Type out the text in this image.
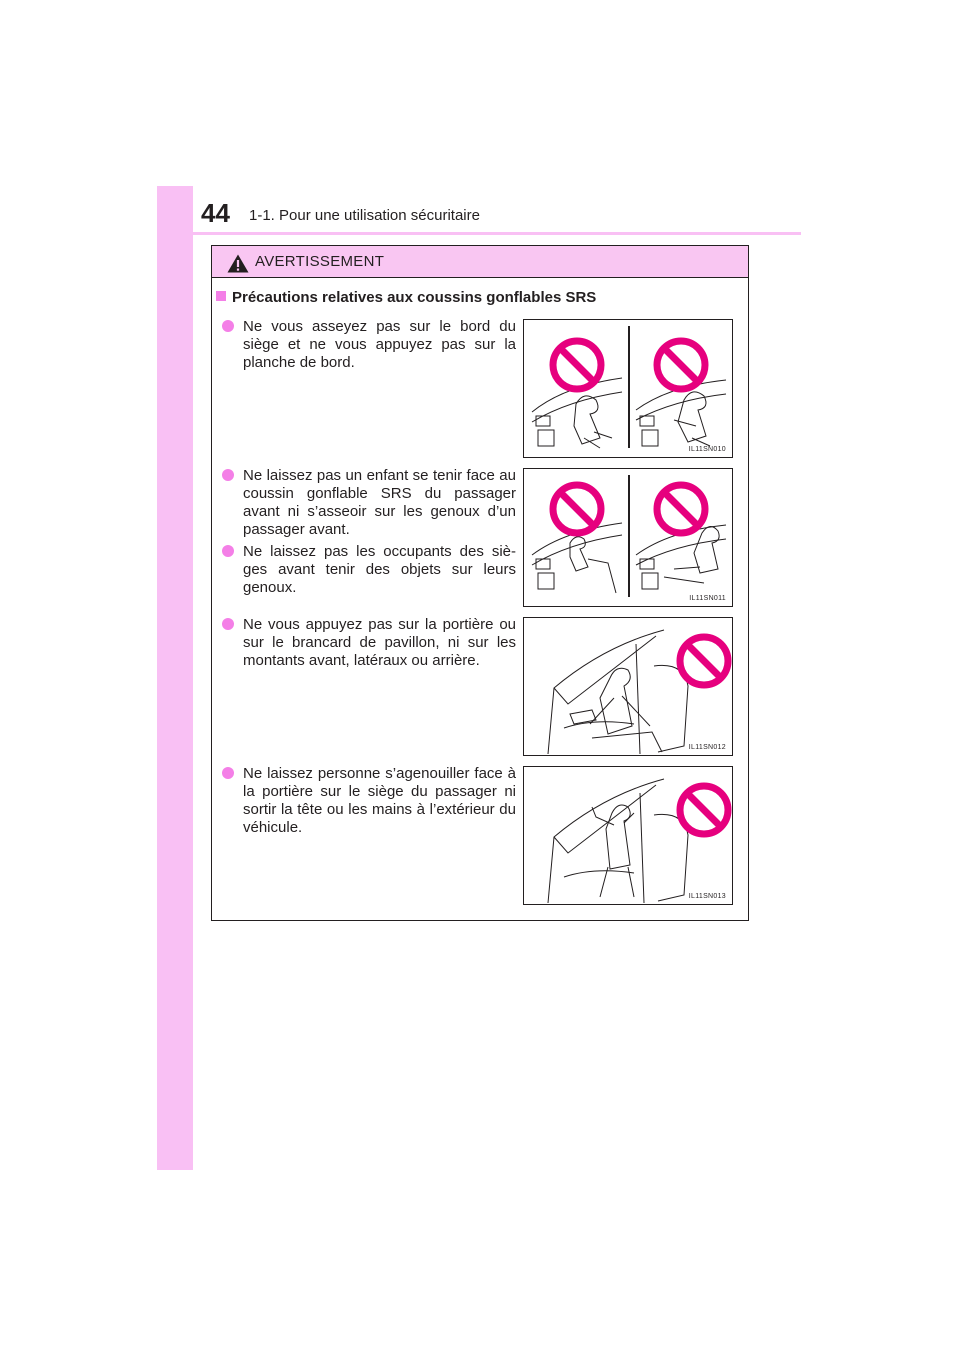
44 1-1. Pour une utilisation sécuritaire
AVERTISSEMENT
Précautions relatives aux coussins gonflables SRS
Ne vous asseyez pas sur le bord du siège et ne vous appuyez pas sur la planche de bord.
Ne laissez pas un enfant se tenir face au coussin gonflable SRS du passager avant ni s’asseoir sur les genoux d’un passager avant.
Ne laissez pas les occupants des siè-ges avant tenir des objets sur leurs genoux.
Ne vous appuyez pas sur la portière ou sur le brancard de pavillon, ni sur les montants avant, latéraux ou arrière.
Ne laissez personne s’agenouiller face à la portière sur le siège du passager ni sortir la tête ou les mains à l’extérieur du véhicule.
IL11SN010
IL11SN011
IL11SN012
IL11SN013
